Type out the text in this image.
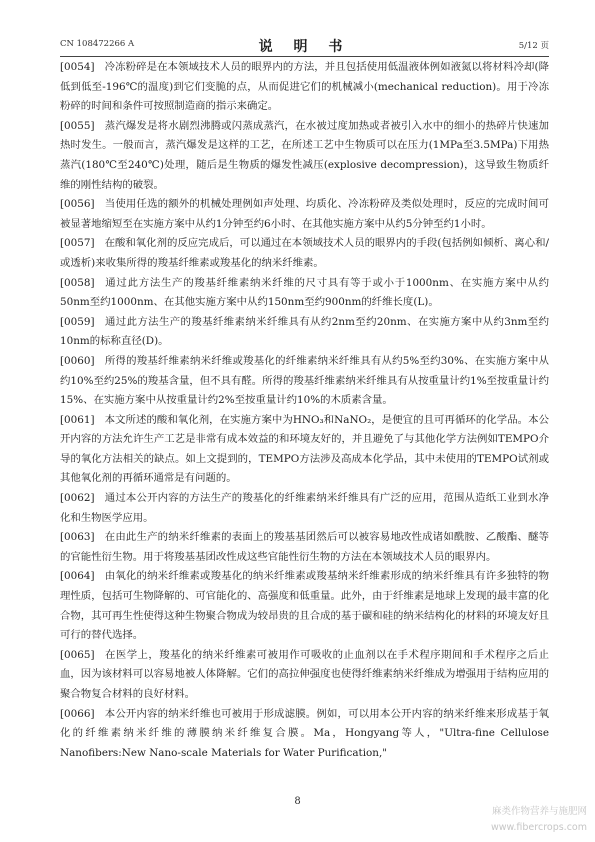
CN 108472266 A	说 明 书	5/12 页

[0054] 冷冻粉碎是在本领域技术人员的眼界内的方法，并且包括使用低温液体例如液氮以将材料冷却(降低到低至-196℃的温度)到它们变脆的点，从而促进它们的机械减小(mechanical reduction)。用于冷冻粉碎的时间和条件可按照制造商的指示来确定。

[0055] 蒸汽爆发是将水剧烈沸腾或闪蒸成蒸汽，在水被过度加热或者被引入水中的细小的热碎片快速加热时发生。一般而言，蒸汽爆发是这样的工艺，在所述工艺中生物质可以在压力(1MPa至3.5MPa)下用热蒸汽(180℃至240℃)处理，随后是生物质的爆发性减压(explosive decompression)，这导致生物质纤维的刚性结构的破裂。

[0056] 当使用任选的额外的机械处理例如声处理、均质化、冷冻粉碎及类似处理时，反应的完成时间可被显著地缩短至在实施方案中从约1分钟至约6小时、在其他实施方案中从约5分钟至约1小时。

[0057] 在酸和氧化剂的反应完成后，可以通过在本领域技术人员的眼界内的手段(包括例如倾析、离心和/或透析)来收集所得的羧基纤维素或羧基化的纳米纤维素。

[0058] 通过此方法生产的羧基纤维素纳米纤维的尺寸具有等于或小于1000nm、在实施方案中从约50nm至约1000nm、在其他实施方案中从约150nm至约900nm的纤维长度(L)。

[0059] 通过此方法生产的羧基纤维素纳米纤维具有从约2nm至约20nm、在实施方案中从约3nm至约10nm的标称直径(D)。

[0060] 所得的羧基纤维素纳米纤维或羧基化的纤维素纳米纤维具有从约5%至约30%、在实施方案中从约10%至约25%的羧基含量，但不具有醛。所得的羧基纤维素纳米纤维具有从按重量计约1%至按重量计约15%、在实施方案中从按重量计约2%至按重量计约10%的木质素含量。

[0061] 本文所述的酸和氧化剂，在实施方案中为HNO₃和NaNO₂，是便宜的且可再循环的化学品。本公开内容的方法允许生产工艺是非常有成本效益的和环境友好的，并且避免了与其他化学方法例如TEMPO介导的氧化方法相关的缺点。如上文提到的，TEMPO方法涉及高成本化学品，其中未使用的TEMPO试剂或其他氧化剂的再循环通常是有问题的。

[0062] 通过本公开内容的方法生产的羧基化的纤维素纳米纤维具有广泛的应用，范围从造纸工业到水净化和生物医学应用。

[0063] 在由此生产的纳米纤维素的表面上的羧基基团然后可以被容易地改性成诸如酰胺、乙酸酯、醚等的官能性衍生物。用于将羧基基团改性成这些官能性衍生物的方法在本领域技术人员的眼界内。

[0064] 由氧化的纳米纤维素或羧基化的纳米纤维素或羧基纳米纤维素形成的纳米纤维具有许多独特的物理性质，包括可生物降解的、可官能化的、高强度和低重量。此外，由于纤维素是地球上发现的最丰富的化合物，其可再生性使得这种生物聚合物成为较昂贵的且合成的基于碳和硅的纳米结构化的材料的环境友好且可行的替代选择。

[0065] 在医学上，羧基化的纳米纤维素可被用作可吸收的止血剂以在手术程序期间和手术程序之后止血，因为该材料可以容易地被人体降解。它们的高拉伸强度也使得纤维素纳米纤维成为增强用于结构应用的聚合物复合材料的良好材料。

[0066] 本公开内容的纳米纤维也可被用于形成滤膜。例如，可以用本公开内容的纳米纤维来形成基于氧化的纤维素纳米纤维的薄膜纳米纤维复合膜。Ma，Hongyang等人，"Ultra-fine Cellulose Nanofibers:New Nano-scale Materials for Water Purification,"

8
麻类作物营养与施肥网
www.fibercrops.com
